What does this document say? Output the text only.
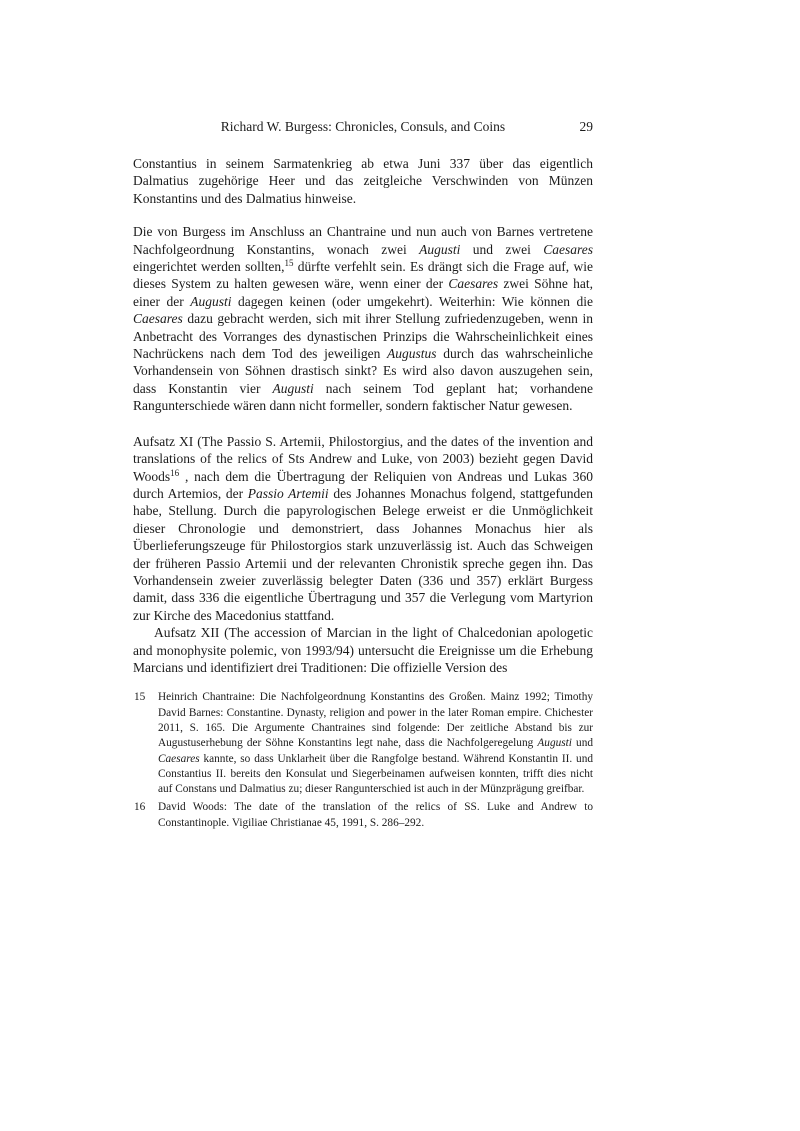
Richard W. Burgess: Chronicles, Consuls, and Coins	29

Constantius in seinem Sarmatenkrieg ab etwa Juni 337 über das eigentlich Dalmatius zugehörige Heer und das zeitgleiche Verschwinden von Münzen Konstantins und des Dalmatius hinweise.

Die von Burgess im Anschluss an Chantraine und nun auch von Barnes vertretene Nachfolgeordnung Konstantins, wonach zwei Augusti und zwei Caesares eingerichtet werden sollten,$^{15}$ dürfte verfehlt sein. Es drängt sich die Frage auf, wie dieses System zu halten gewesen wäre, wenn einer der Caesares zwei Söhne hat, einer der Augusti dagegen keinen (oder umgekehrt). Weiterhin: Wie können die Caesares dazu gebracht werden, sich mit ihrer Stellung zufriedenzugeben, wenn in Anbetracht des Vorranges des dynastischen Prinzips die Wahrscheinlichkeit eines Nachrückens nach dem Tod des jeweiligen Augustus durch das wahrscheinliche Vorhandensein von Söhnen drastisch sinkt? Es wird also davon auszugehen sein, dass Konstantin vier Augusti nach seinem Tod geplant hat; vorhandene Rangunterschiede wären dann nicht formeller, sondern faktischer Natur gewesen.

Aufsatz XI (The Passio S. Artemii, Philostorgius, and the dates of the invention and translations of the relics of Sts Andrew and Luke, von 2003) bezieht gegen David Woods$^{16}$ , nach dem die Übertragung der Reliquien von Andreas und Lukas 360 durch Artemios, der Passio Artemii des Johannes Monachus folgend, stattgefunden habe, Stellung. Durch die papyrologischen Belege erweist er die Unmöglichkeit dieser Chronologie und demonstriert, dass Johannes Monachus hier als Überlieferungszeuge für Philostorgios stark unzuverlässig ist. Auch das Schweigen der früheren Passio Artemii und der relevanten Chronistik spreche gegen ihn. Das Vorhandensein zweier zuverlässig belegter Daten (336 und 357) erklärt Burgess damit, dass 336 die eigentliche Übertragung und 357 die Verlegung vom Martyrion zur Kirche des Macedonius stattfand.

Aufsatz XII (The accession of Marcian in the light of Chalcedonian apologetic and monophysite polemic, von 1993/94) untersucht die Ereignisse um die Erhebung Marcians und identifiziert drei Traditionen: Die offizielle Version des

15 Heinrich Chantraine: Die Nachfolgeordnung Konstantins des Großen. Mainz 1992; Timothy David Barnes: Constantine. Dynasty, religion and power in the later Roman empire. Chichester 2011, S. 165. Die Argumente Chantraines sind folgende: Der zeitliche Abstand bis zur Augustuserhebung der Söhne Konstantins legt nahe, dass die Nachfolgeregelung Augusti und Caesares kannte, so dass Unklarheit über die Rangfolge bestand. Während Konstantin II. und Constantius II. bereits den Konsulat und Siegerbeinamen aufweisen konnten, trifft dies nicht auf Constans und Dalmatius zu; dieser Rangunterschied ist auch in der Münzprägung greifbar.
16 David Woods: The date of the translation of the relics of SS. Luke and Andrew to Constantinople. Vigiliae Christianae 45, 1991, S. 286–292.
